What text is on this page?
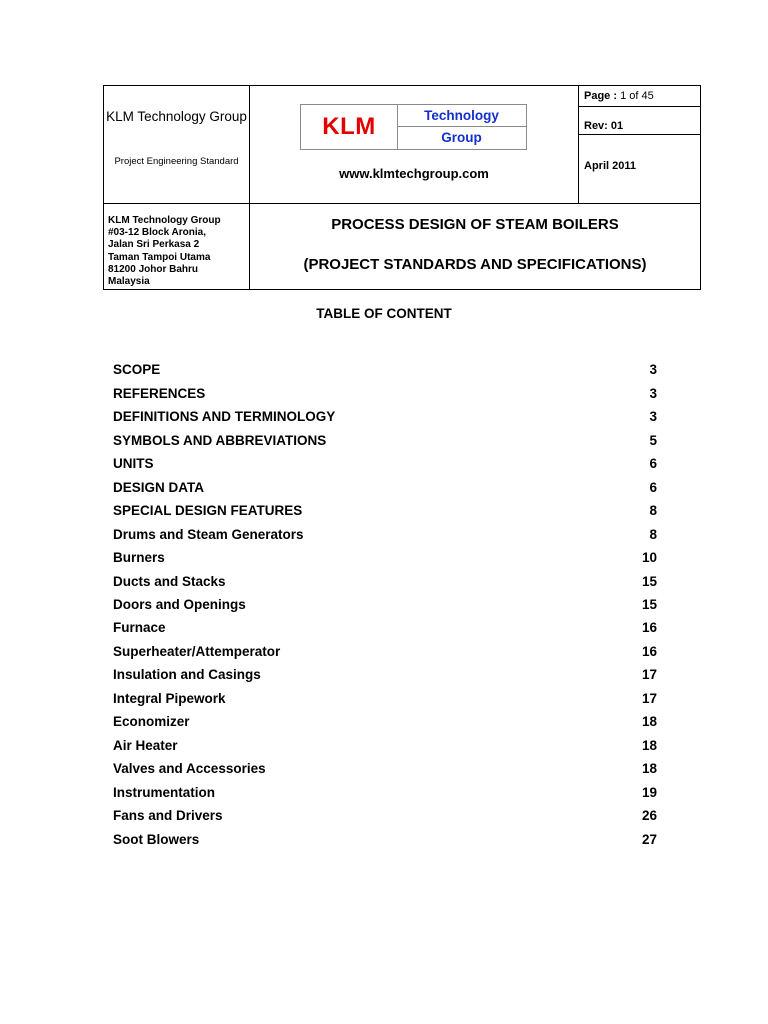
KLM Technology Group
Project Engineering Standard
KLM	Technology
Group
www.klmtechgroup.com
Page : 1 of 45
Rev: 01
April 2011
KLM Technology Group
#03-12 Block Aronia,
Jalan Sri Perkasa 2
Taman Tampoi Utama
81200 Johor Bahru
Malaysia
PROCESS DESIGN OF STEAM BOILERS
(PROJECT STANDARDS AND SPECIFICATIONS)
TABLE OF CONTENT
SCOPE	3
REFERENCES	3
DEFINITIONS AND TERMINOLOGY	3
SYMBOLS AND ABBREVIATIONS	5
UNITS	6
DESIGN DATA	6
SPECIAL DESIGN FEATURES	8
Drums and Steam Generators	8
Burners	10
Ducts and Stacks	15
Doors and Openings	15
Furnace	16
Superheater/Attemperator	16
Insulation and Casings	17
Integral Pipework	17
Economizer	18
Air Heater	18
Valves and Accessories	18
Instrumentation	19
Fans and Drivers	26
Soot Blowers	27
